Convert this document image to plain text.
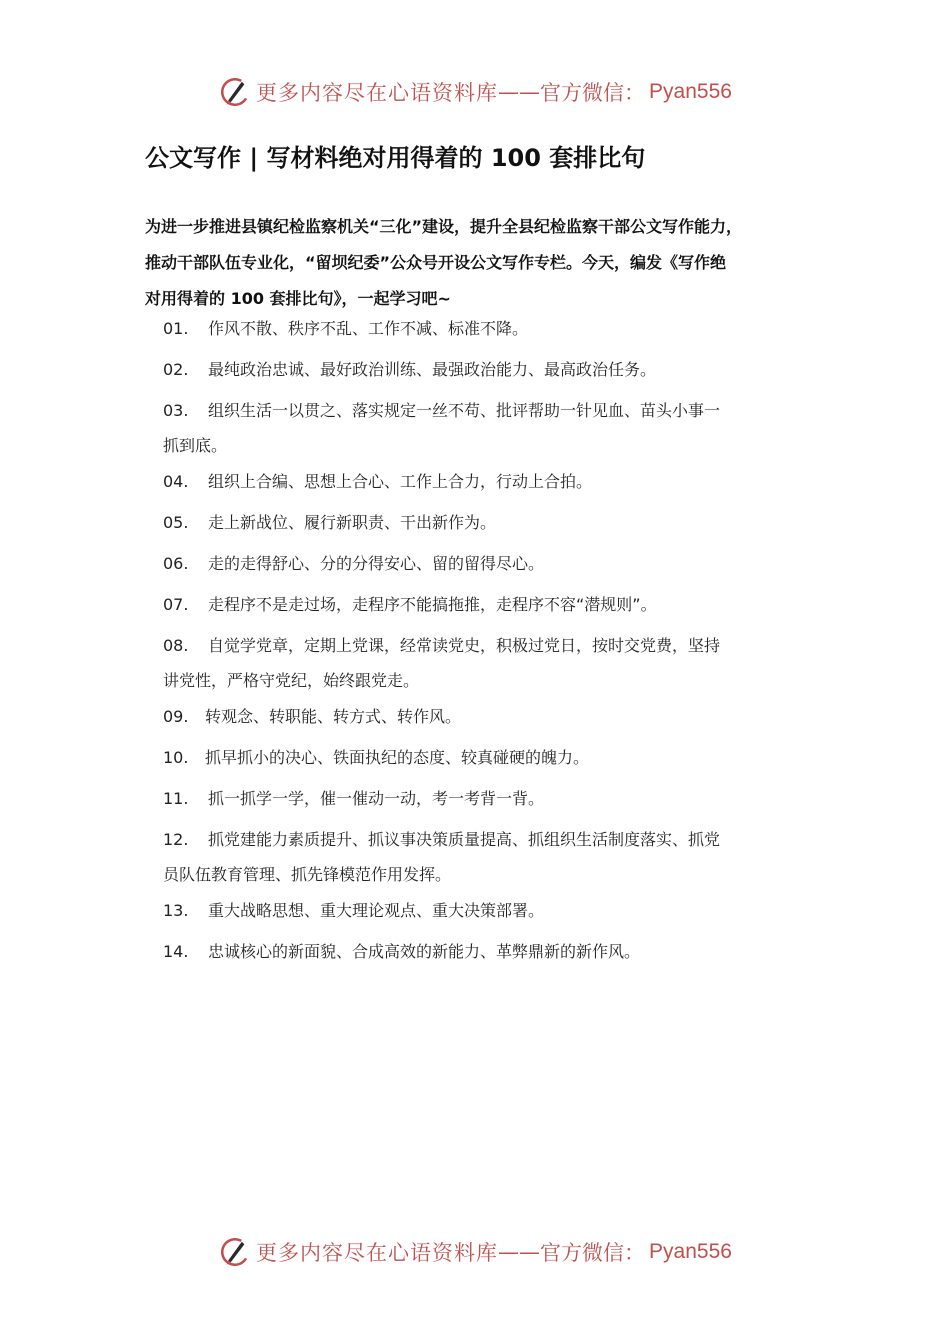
更多内容尽在心语资料库 —— 官方微信： Pyan556
公文写作 | 写材料绝对用得着的 100 套排比句
为进一步推进县镇纪检监察机关“三化”建设，提升全县纪检监察干部公文写作能力，
推动干部队伍专业化，“留坝纪委”公众号开设公文写作专栏。今天，编发《写作绝
对用得着的 100 套排比句》，一起学习吧~
01. 作风不散、秩序不乱、工作不减、标准不降。
02. 最纯政治忠诚、最好政治训练、最强政治能力、最高政治任务。
03. 组织生活一以贯之、落实规定一丝不苟、批评帮助一针见血、苗头小事一
抓到底。
04. 组织上合编、思想上合心、工作上合力，行动上合拍。
05. 走上新战位、履行新职责、干出新作为。
06. 走的走得舒心、分的分得安心、留的留得尽心。
07. 走程序不是走过场，走程序不能搞拖推，走程序不容“潜规则”。
08. 自觉学党章，定期上党课，经常读党史，积极过党日，按时交党费，坚持
讲党性，严格守党纪，始终跟党走。
09. 转观念、转职能、转方式、转作风。
10. 抓早抓小的决心、铁面执纪的态度、较真碰硬的魄力。
11. 抓一抓学一学，催一催动一动，考一考背一背。
12. 抓党建能力素质提升、抓议事决策质量提高、抓组织生活制度落实、抓党
员队伍教育管理、抓先锋模范作用发挥。
13. 重大战略思想、重大理论观点、重大决策部署。
14. 忠诚核心的新面貌、合成高效的新能力、革弊鼎新的新作风。
更多内容尽在心语资料库 —— 官方微信： Pyan556
